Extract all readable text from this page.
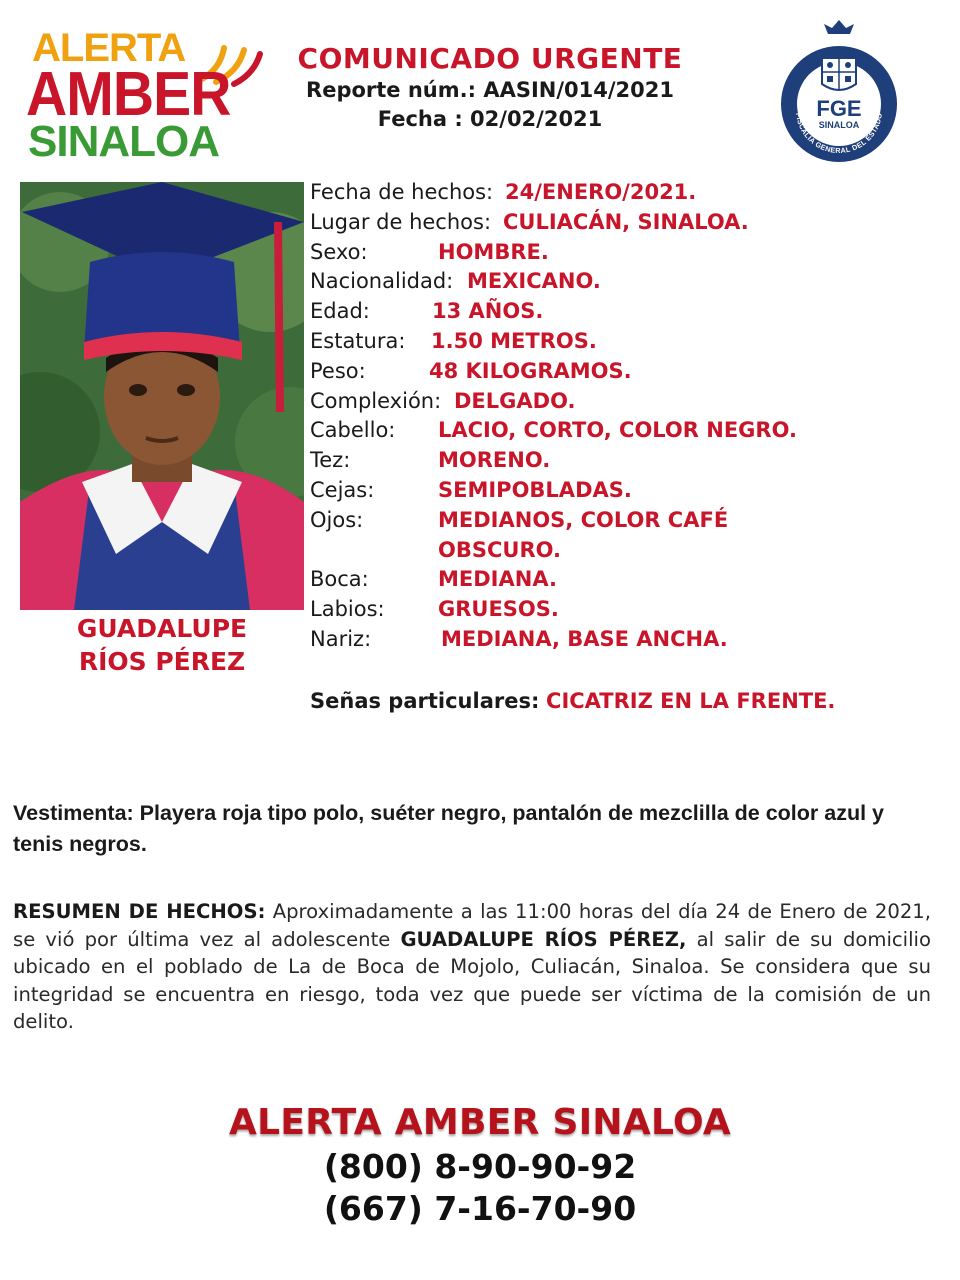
ALERTA
AMBER
SINALOA
COMUNICADO URGENTE
Reporte núm.: AASIN/014/2021
Fecha : 02/02/2021	FGE
SINALOA
FISCALÍA GENERAL DEL ESTADO
GUADALUPE
RÍOS PÉREZ
Fecha de hechos: 24/ENERO/2021.
Lugar de hechos: CULIACÁN, SINALOA.
Sexo:	HOMBRE.
Nacionalidad: MEXICANO.
Edad:	13 AÑOS.
Estatura: 1.50 METROS.
Peso:	48 KILOGRAMOS.
Complexión: DELGADO.
Cabello: LACIO, CORTO, COLOR NEGRO.
Tez:	MORENO.
Cejas:	SEMIPOBLADAS.
Ojos:	MEDIANOS, COLOR CAFÉ OBSCURO.
Boca:	MEDIANA.
Labios:	GRUESOS.
Nariz:	MEDIANA, BASE ANCHA.
Señas particulares: CICATRIZ EN LA FRENTE.
Vestimenta: Playera roja tipo polo, suéter negro, pantalón de mezclilla de color azul y tenis negros.
RESUMEN DE HECHOS: Aproximadamente a las 11:00 horas del día 24 de Enero de 2021, se vió por última vez al adolescente GUADALUPE RÍOS PÉREZ, al salir de su domicilio ubicado en el poblado de La de Boca de Mojolo, Culiacán, Sinaloa. Se considera que su integridad se encuentra en riesgo, toda vez que puede ser víctima de la comisión de un delito.
ALERTA AMBER SINALOA
(800) 8-90-90-92
(667) 7-16-70-90
